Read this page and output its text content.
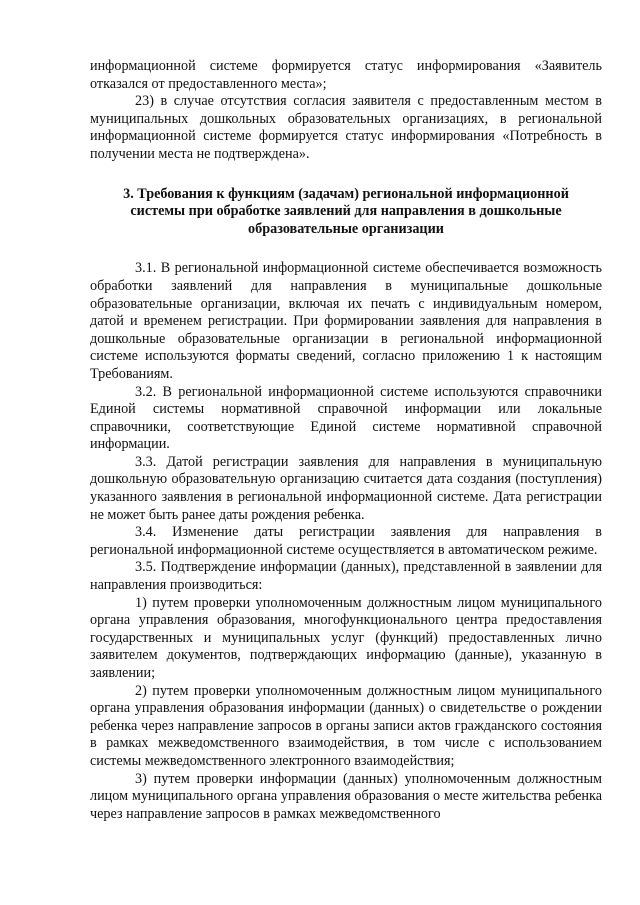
информационной системе формируется статус информирования «Заявитель отказался от предоставленного места»;

23) в случае отсутствия согласия заявителя с предоставленным местом в муниципальных дошкольных образовательных организациях, в региональной информационной системе формируется статус информирования «Потребность в получении места не подтверждена».

3. Требования к функциям (задачам) региональной информационной системы при обработке заявлений для направления в дошкольные образовательные организации

3.1. В региональной информационной системе обеспечивается возможность обработки заявлений для направления в муниципальные дошкольные образовательные организации, включая их печать с индивидуальным номером, датой и временем регистрации. При формировании заявления для направления в дошкольные образовательные организации в региональной информационной системе используются форматы сведений, согласно приложению 1 к настоящим Требованиям.

3.2. В региональной информационной системе используются справочники Единой системы нормативной справочной информации или локальные справочники, соответствующие Единой системе нормативной справочной информации.

3.3. Датой регистрации заявления для направления в муниципальную дошкольную образовательную организацию считается дата создания (поступления) указанного заявления в региональной информационной системе. Дата регистрации не может быть ранее даты рождения ребенка.

3.4. Изменение даты регистрации заявления для направления в региональной информационной системе осуществляется в автоматическом режиме.

3.5. Подтверждение информации (данных), представленной в заявлении для направления производиться:

1) путем проверки уполномоченным должностным лицом муниципального органа управления образования, многофункционального центра предоставления государственных и муниципальных услуг (функций) предоставленных лично заявителем документов, подтверждающих информацию (данные), указанную в заявлении;

2) путем проверки уполномоченным должностным лицом муниципального органа управления образования информации (данных) о свидетельстве о рождении ребенка через направление запросов в органы записи актов гражданского состояния в рамках межведомственного взаимодействия, в том числе с использованием системы межведомственного электронного взаимодействия;

3) путем проверки информации (данных) уполномоченным должностным лицом муниципального органа управления образования о месте жительства ребенка через направление запросов в рамках межведомственного
